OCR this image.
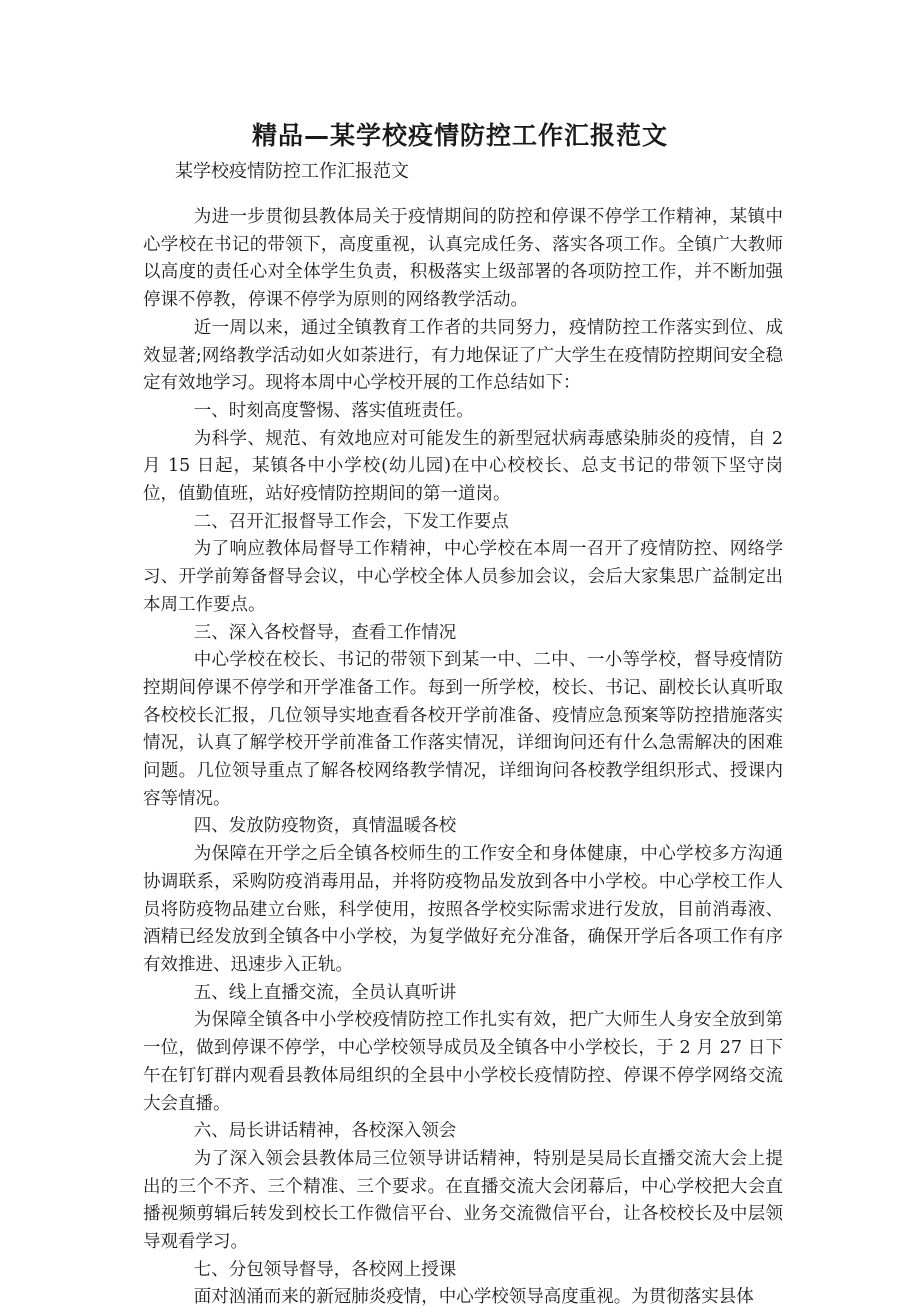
精品—某学校疫情防控工作汇报范文

某学校疫情防控工作汇报范文

为进一步贯彻县教体局关于疫情期间的防控和停课不停学工作精神，某镇中心学校在书记的带领下，高度重视，认真完成任务、落实各项工作。全镇广大教师以高度的责任心对全体学生负责，积极落实上级部署的各项防控工作，并不断加强停课不停教，停课不停学为原则的网络教学活动。

近一周以来，通过全镇教育工作者的共同努力，疫情防控工作落实到位、成效显著;网络教学活动如火如荼进行，有力地保证了广大学生在疫情防控期间安全稳定有效地学习。现将本周中心学校开展的工作总结如下：

一、时刻高度警惕、落实值班责任。

为科学、规范、有效地应对可能发生的新型冠状病毒感染肺炎的疫情，自 2 月 15 日起，某镇各中小学校(幼儿园)在中心校校长、总支书记的带领下坚守岗位，值勤值班，站好疫情防控期间的第一道岗。

二、召开汇报督导工作会，下发工作要点

为了响应教体局督导工作精神，中心学校在本周一召开了疫情防控、网络学习、开学前筹备督导会议，中心学校全体人员参加会议，会后大家集思广益制定出本周工作要点。

三、深入各校督导，查看工作情况

中心学校在校长、书记的带领下到某一中、二中、一小等学校，督导疫情防控期间停课不停学和开学准备工作。每到一所学校，校长、书记、副校长认真听取各校校长汇报，几位领导实地查看各校开学前准备、疫情应急预案等防控措施落实情况，认真了解学校开学前准备工作落实情况，详细询问还有什么急需解决的困难问题。几位领导重点了解各校网络教学情况，详细询问各校教学组织形式、授课内容等情况。

四、发放防疫物资，真情温暖各校

为保障在开学之后全镇各校师生的工作安全和身体健康，中心学校多方沟通协调联系，采购防疫消毒用品，并将防疫物品发放到各中小学校。中心学校工作人员将防疫物品建立台账，科学使用，按照各学校实际需求进行发放，目前消毒液、酒精已经发放到全镇各中小学校，为复学做好充分准备，确保开学后各项工作有序有效推进、迅速步入正轨。

五、线上直播交流，全员认真听讲

为保障全镇各中小学校疫情防控工作扎实有效，把广大师生人身安全放到第一位，做到停课不停学，中心学校领导成员及全镇各中小学校长，于 2 月 27 日下午在钉钉群内观看县教体局组织的全县中小学校长疫情防控、停课不停学网络交流大会直播。

六、局长讲话精神，各校深入领会

为了深入领会县教体局三位领导讲话精神，特别是吴局长直播交流大会上提出的三个不齐、三个精准、三个要求。在直播交流大会闭幕后，中心学校把大会直播视频剪辑后转发到校长工作微信平台、业务交流微信平台，让各校校长及中层领导观看学习。

七、分包领导督导，各校网上授课

面对汹涌而来的新冠肺炎疫情，中心学校领导高度重视。为贯彻落实县体
